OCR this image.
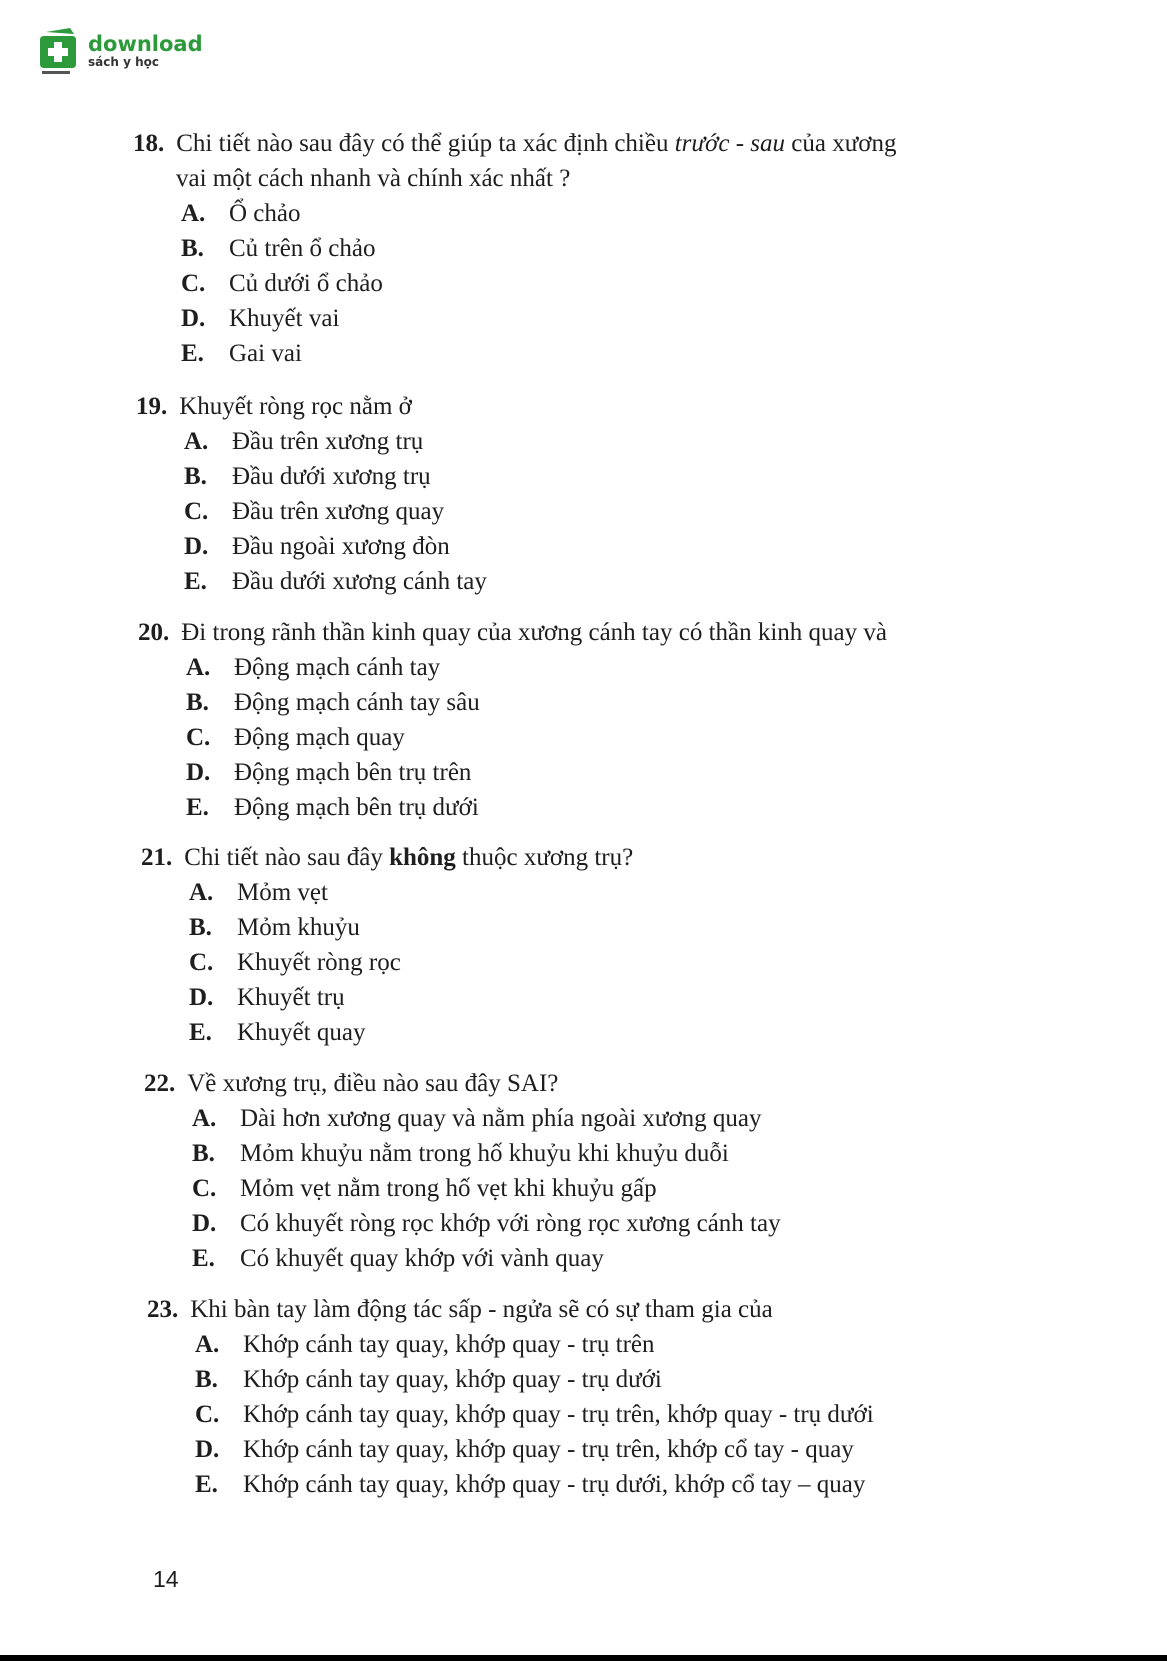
download
sách y học
18. Chi tiết nào sau đây có thể giúp ta xác định chiều trước - sau của xương
vai một cách nhanh và chính xác nhất ?
A. Ổ chảo
B. Củ trên ổ chảo
C. Củ dưới ổ chảo
D. Khuyết vai
E. Gai vai
19. Khuyết ròng rọc nằm ở
A. Đầu trên xương trụ
B. Đầu dưới xương trụ
C. Đầu trên xương quay
D. Đầu ngoài xương đòn
E. Đầu dưới xương cánh tay
20. Đi trong rãnh thần kinh quay của xương cánh tay có thần kinh quay và
A. Động mạch cánh tay
B. Động mạch cánh tay sâu
C. Động mạch quay
D. Động mạch bên trụ trên
E. Động mạch bên trụ dưới
21. Chi tiết nào sau đây không thuộc xương trụ?
A. Mỏm vẹt
B. Mỏm khuỷu
C. Khuyết ròng rọc
D. Khuyết trụ
E. Khuyết quay
22. Về xương trụ, điều nào sau đây SAI?
A. Dài hơn xương quay và nằm phía ngoài xương quay
B. Mỏm khuỷu nằm trong hố khuỷu khi khuỷu duỗi
C. Mỏm vẹt nằm trong hố vẹt khi khuỷu gấp
D. Có khuyết ròng rọc khớp với ròng rọc xương cánh tay
E. Có khuyết quay khớp với vành quay
23. Khi bàn tay làm động tác sấp - ngửa sẽ có sự tham gia của
A. Khớp cánh tay quay, khớp quay - trụ trên
B. Khớp cánh tay quay, khớp quay - trụ dưới
C. Khớp cánh tay quay, khớp quay - trụ trên, khớp quay - trụ dưới
D. Khớp cánh tay quay, khớp quay - trụ trên, khớp cổ tay - quay
E. Khớp cánh tay quay, khớp quay - trụ dưới, khớp cổ tay – quay
14
